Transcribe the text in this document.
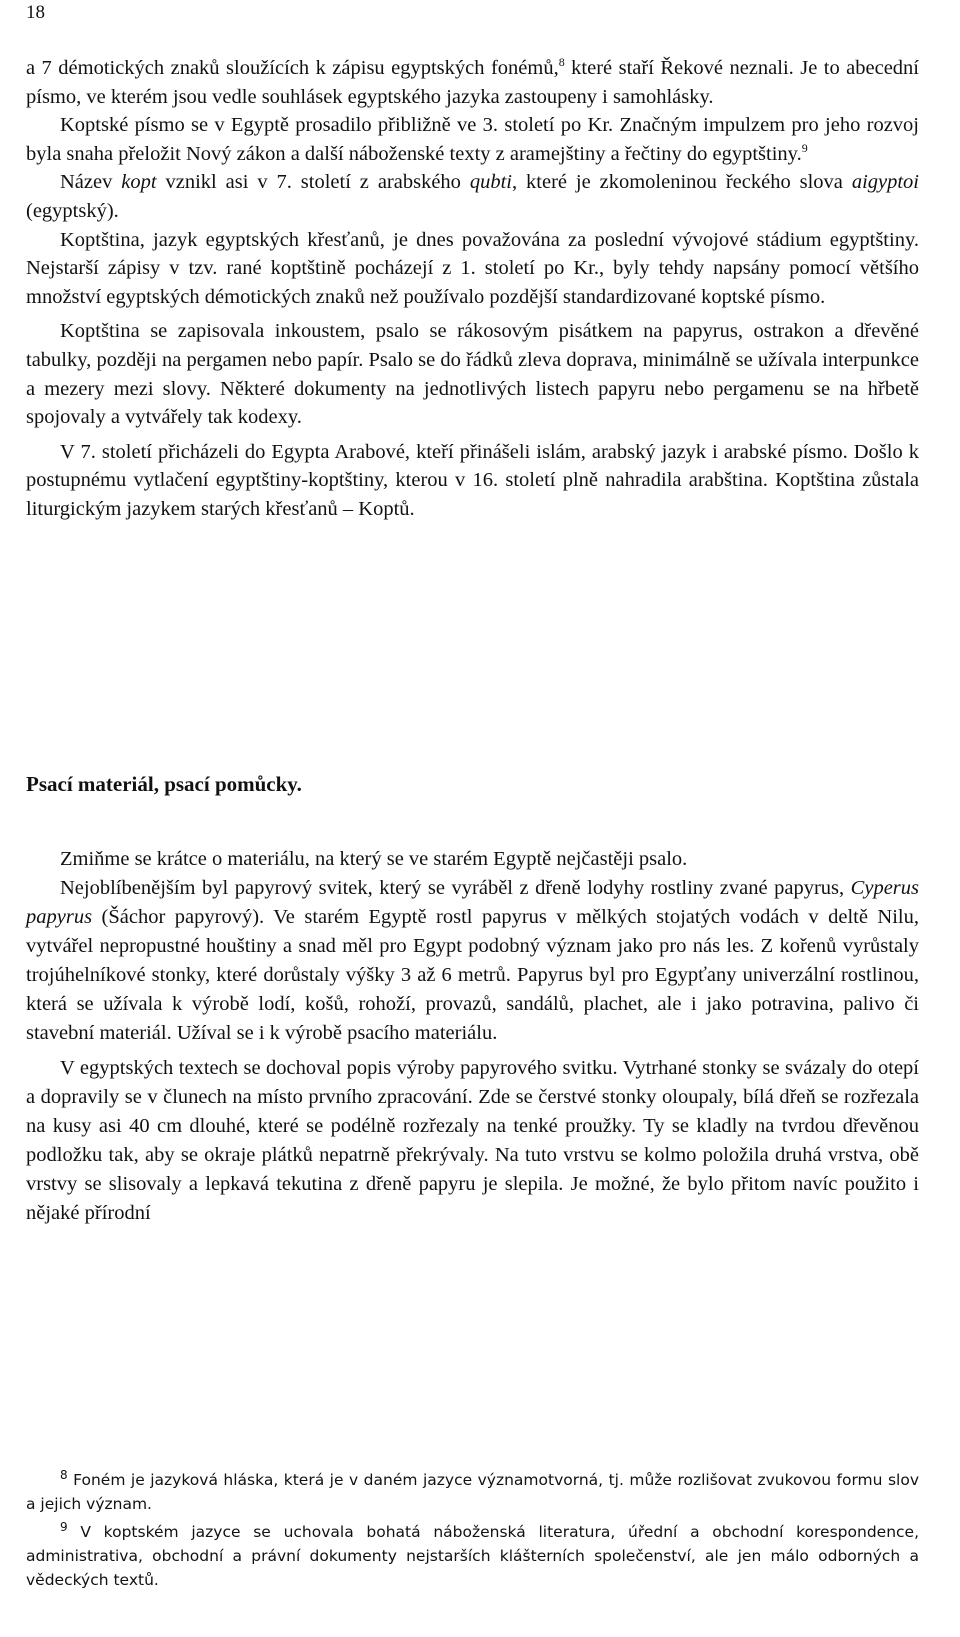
18

a 7 démotických znaků sloužících k zápisu egyptských fonémů,$^8$ které staří Řekové neznali. Je to abecední písmo, ve kterém jsou vedle souhlásek egyptského jazyka zastoupeny i samohlásky.

Koptské písmo se v Egyptě prosadilo přibližně ve 3. století po Kr. Značným impulzem pro jeho rozvoj byla snaha přeložit Nový zákon a další náboženské texty z aramejštiny a řečtiny do egyptštiny.$^9$

Název kopt vznikl asi v 7. století z arabského qubti, které je zkomoleninou řeckého slova aigyptoi (egyptský).

Koptština, jazyk egyptských křesťanů, je dnes považována za poslední vývojové stádium egyptštiny. Nejstarší zápisy v tzv. rané koptštině pocházejí z 1. století po Kr., byly tehdy napsány pomocí většího množství egyptských démotických znaků než používalo pozdější standardizované koptské písmo.

Koptština se zapisovala inkoustem, psalo se rákosovým pisátkem na papyrus, ostrakon a dřevěné tabulky, později na pergamen nebo papír. Psalo se do řádků zleva doprava, minimálně se užívala interpunkce a mezery mezi slovy. Některé dokumenty na jednotlivých listech papyru nebo pergamenu se na hřbetě spojovaly a vytvářely tak kodexy.

V 7. století přicházeli do Egypta Arabové, kteří přinášeli islám, arabský jazyk i arabské písmo. Došlo k postupnému vytlačení egyptštiny-koptštiny, kterou v 16. století plně nahradila arabština. Koptština zůstala liturgickým jazykem starých křesťanů – Koptů.

Psací materiál, psací pomůcky.

Zmiňme se krátce o materiálu, na který se ve starém Egyptě nejčastěji psalo.

Nejoblíbenějším byl papyrový svitek, který se vyráběl z dřeně lodyhy rostliny zvané papyrus, Cyperus papyrus (Šáchor papyrový). Ve starém Egyptě rostl papyrus v mělkých stojatých vodách v deltě Nilu, vytvářel nepropustné houštiny a snad měl pro Egypt podobný význam jako pro nás les. Z kořenů vyrůstaly trojúhelníkové stonky, které dorůstaly výšky 3 až 6 metrů. Papyrus byl pro Egypťany univerzální rostlinou, která se užívala k výrobě lodí, košů, rohoží, provazů, sandálů, plachet, ale i jako potravina, palivo či stavební materiál. Užíval se i k výrobě psacího materiálu.

V egyptských textech se dochoval popis výroby papyrového svitku. Vytrhané stonky se svázaly do otepí a dopravily se v člunech na místo prvního zpracování. Zde se čerstvé stonky oloupaly, bílá dřeň se rozřezala na kusy asi 40 cm dlouhé, které se podélně rozřezaly na tenké proužky. Ty se kladly na tvrdou dřevěnou podložku tak, aby se okraje plátků nepatrně překrývaly. Na tuto vrstvu se kolmo položila druhá vrstva, obě vrstvy se slisovaly a lepkavá tekutina z dřeně papyru je slepila. Je možné, že bylo přitom navíc použito i nějaké přírodní

$^8$ Foném je jazyková hláska, která je v daném jazyce významotvorná, tj. může rozlišovat zvukovou formu slov a jejich význam.

$^9$ V koptském jazyce se uchovala bohatá náboženská literatura, úřední a obchodní korespondence, administrativa, obchodní a právní dokumenty nejstarších klášterních společenství, ale jen málo odborných a vědeckých textů.
